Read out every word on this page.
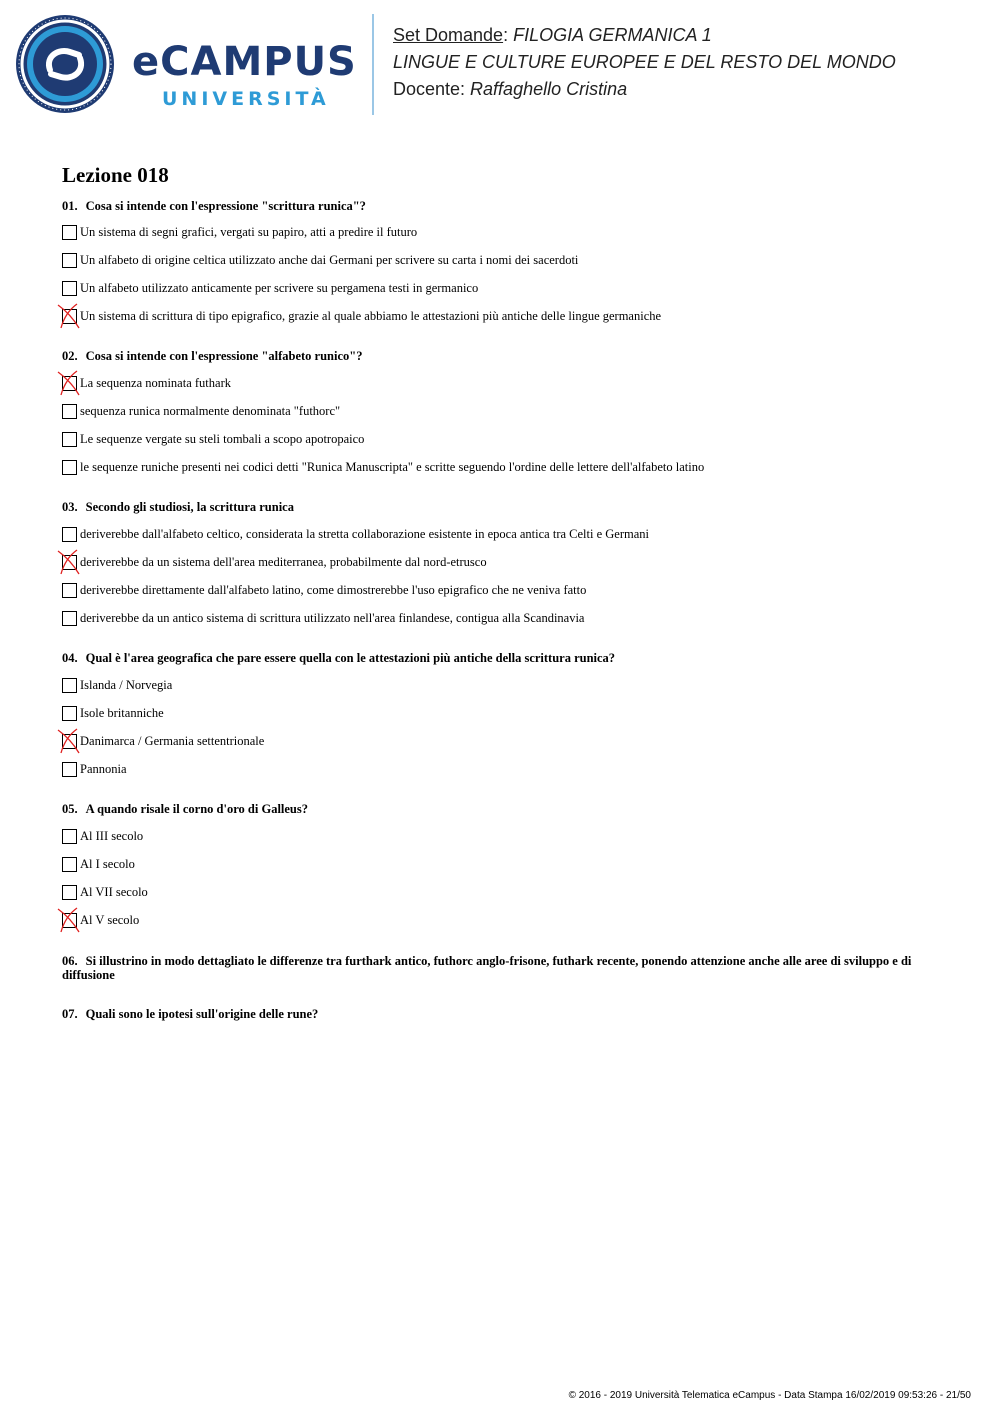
eCAMPUS
UNIVERSITÀ
Set Domande: FILOGIA GERMANICA 1
LINGUE E CULTURE EUROPEE E DEL RESTO DEL MONDO
Docente: Raffaghello Cristina
Lezione 018
01. Cosa si intende con l'espressione "scrittura runica"?
Un sistema di segni grafici, vergati su papiro, atti a predire il futuro
Un alfabeto di origine celtica utilizzato anche dai Germani per scrivere su carta i nomi dei sacerdoti
Un alfabeto utilizzato anticamente per scrivere su pergamena testi in germanico
Un sistema di scrittura di tipo epigrafico, grazie al quale abbiamo le attestazioni più antiche delle lingue germaniche
02. Cosa si intende con l'espressione "alfabeto runico"?
La sequenza nominata futhark
sequenza runica normalmente denominata "futhorc"
Le sequenze vergate su steli tombali a scopo apotropaico
le sequenze runiche presenti nei codici detti "Runica Manuscripta" e scritte seguendo l'ordine delle lettere dell'alfabeto latino
03. Secondo gli studiosi, la scrittura runica
deriverebbe dall'alfabeto celtico, considerata la stretta collaborazione esistente in epoca antica tra Celti e Germani
deriverebbe da un sistema dell'area mediterranea, probabilmente dal nord-etrusco
deriverebbe direttamente dall'alfabeto latino, come dimostrerebbe l'uso epigrafico che ne veniva fatto
deriverebbe da un antico sistema di scrittura utilizzato nell'area finlandese, contigua alla Scandinavia
04. Qual è l'area geografica che pare essere quella con le attestazioni più antiche della scrittura runica?
Islanda / Norvegia
Isole britanniche
Danimarca / Germania settentrionale
Pannonia
05. A quando risale il corno d'oro di Galleus?
Al III secolo
Al I secolo
Al VII secolo
Al V secolo
06. Si illustrino in modo dettagliato le differenze tra furthark antico, futhorc anglo-frisone, futhark recente, ponendo attenzione anche alle aree di sviluppo e di diffusione
07. Quali sono le ipotesi sull'origine delle rune?
© 2016 - 2019 Università Telematica eCampus - Data Stampa 16/02/2019 09:53:26 - 21/50
